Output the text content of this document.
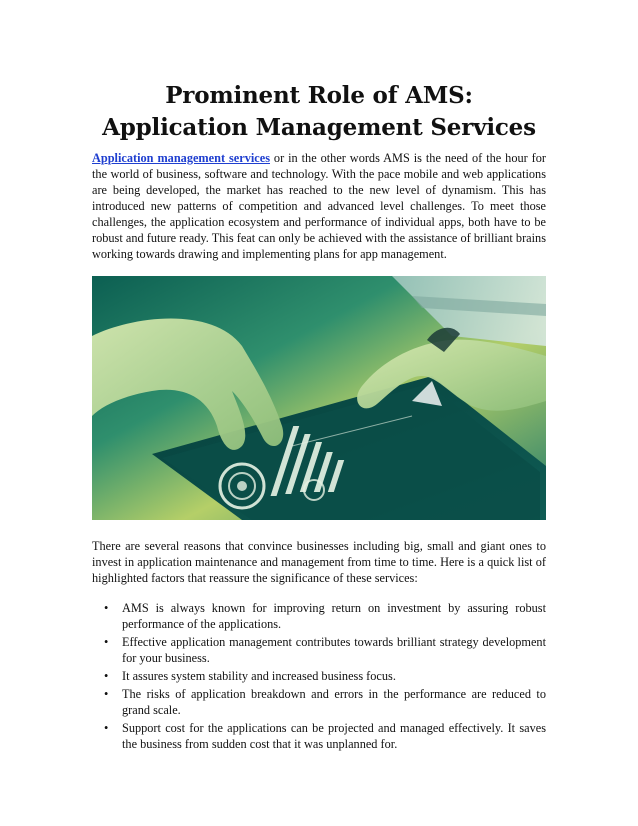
Prominent Role of AMS:
Application Management Services

Application management services or in the other words AMS is the need of the hour for the world of business, software and technology. With the pace mobile and web applications are being developed, the market has reached to the new level of dynamism. This has introduced new patterns of competition and advanced level challenges. To meet those challenges, the application ecosystem and performance of individual apps, both have to be robust and future ready. This feat can only be achieved with the assistance of brilliant brains working towards drawing and implementing plans for app management.

There are several reasons that convince businesses including big, small and giant ones to invest in application maintenance and management from time to time. Here is a quick list of highlighted factors that reassure the significance of these services:

• AMS is always known for improving return on investment by assuring robust performance of the applications.
• Effective application management contributes towards brilliant strategy development for your business.
• It assures system stability and increased business focus.
• The risks of application breakdown and errors in the performance are reduced to grand scale.
• Support cost for the applications can be projected and managed effectively. It saves the business from sudden cost that it was unplanned for.
